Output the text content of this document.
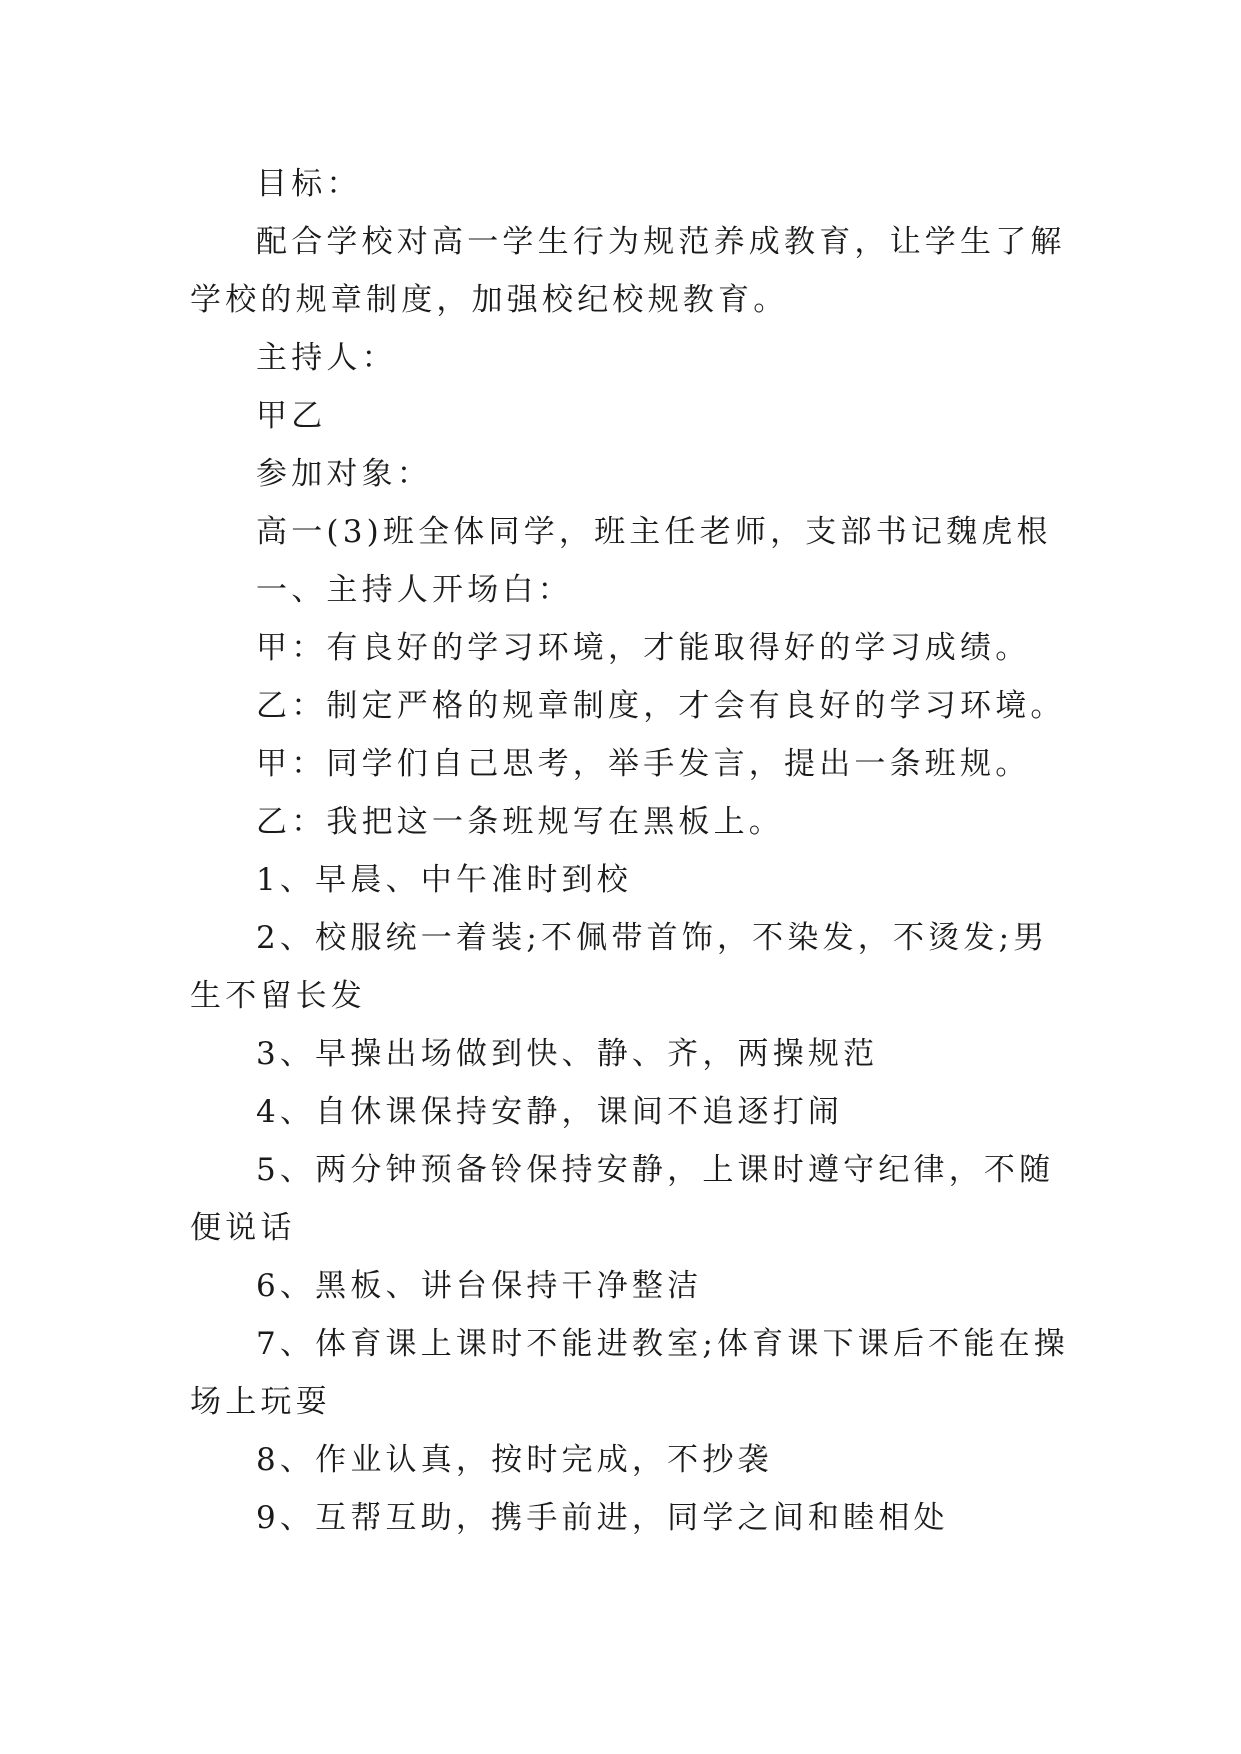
目标：

配合学校对高一学生行为规范养成教育，让学生了解学校的规章制度，加强校纪校规教育。

主持人：

甲乙

参加对象：

高一(3)班全体同学，班主任老师，支部书记魏虎根

一、主持人开场白：

甲：有良好的学习环境，才能取得好的学习成绩。

乙：制定严格的规章制度，才会有良好的学习环境。

甲：同学们自己思考，举手发言，提出一条班规。

乙：我把这一条班规写在黑板上。

1、早晨、中午准时到校

2、校服统一着装;不佩带首饰，不染发，不烫发;男生不留长发

3、早操出场做到快、静、齐，两操规范

4、自休课保持安静，课间不追逐打闹

5、两分钟预备铃保持安静，上课时遵守纪律，不随便说话

6、黑板、讲台保持干净整洁

7、体育课上课时不能进教室;体育课下课后不能在操场上玩耍

8、作业认真，按时完成，不抄袭

9、互帮互助，携手前进，同学之间和睦相处
